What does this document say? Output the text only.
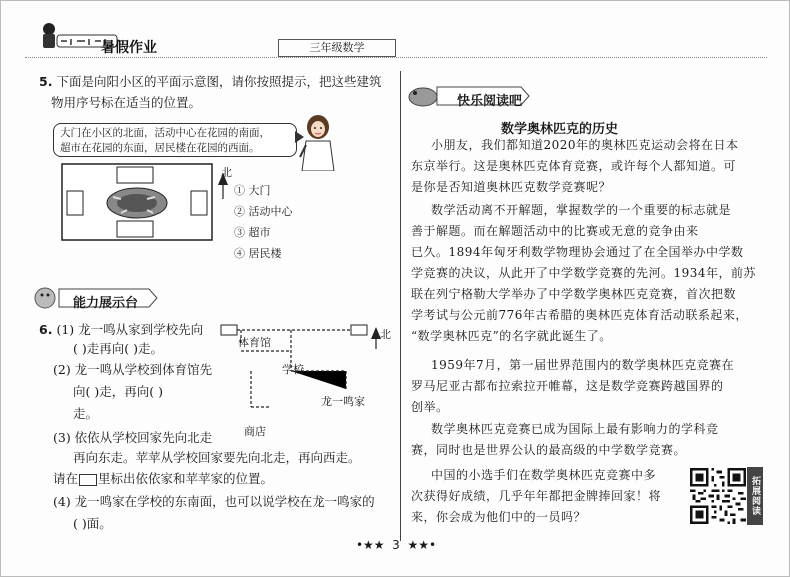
暑假作业	三年级数学
5. 下面是向阳小区的平面示意图，请你按照提示，把这些建筑
物用序号标在适当的位置。
大门在小区的北面，活动中心在花园的南面，
超市在花园的东面，居民楼在花园的西面。
北
① 大门
② 活动中心
③ 超市
④ 居民楼
能力展示台
6. (1) 龙一鸣从家到学校先向
( )走再向( )走。
(2) 龙一鸣从学校到体育馆先
向( )走，再向( )
走。
(3) 依依从学校回家先向北走
再向东走。苹苹从学校回家要先向北走，再向西走。
请在 里标出依依家和苹苹家的位置。
(4) 龙一鸣家在学校的东南面，也可以说学校在龙一鸣家的
( )面。
体育馆
学校
龙一鸣家
商店
北
快乐阅读吧
数学奥林匹克的历史
小朋友，我们都知道2020年的奥林匹克运动会将在日本
东京举行。这是奥林匹克体育竞赛，或许每个人都知道。可
是你是否知道奥林匹克数学竞赛呢？
数学活动离不开解题，掌握数学的一个重要的标志就是
善于解题。而在解题活动中的比赛或无意的竞争由来
已久。1894年匈牙利数学物理协会通过了在全国举办中学数
学竞赛的决议，从此开了中学数学竞赛的先河。1934年，前苏
联在列宁格勒大学举办了中学数学奥林匹克竞赛，首次把数
学考试与公元前776年古希腊的奥林匹克体育活动联系起来，
“数学奥林匹克”的名字就此诞生了。
1959年7月，第一届世界范围内的数学奥林匹克竞赛在
罗马尼亚古都布拉索拉开帷幕，这是数学竞赛跨越国界的
创举。
数学奥林匹克竞赛已成为国际上最有影响力的学科竞
赛，同时也是世界公认的最高级的中学数学竞赛。
中国的小选手们在数学奥林匹克竞赛中多
次获得好成绩，几乎年年都把金牌捧回家！将
来，你会成为他们中的一员吗？
拓展阅读
•★★ 3 ★★•
